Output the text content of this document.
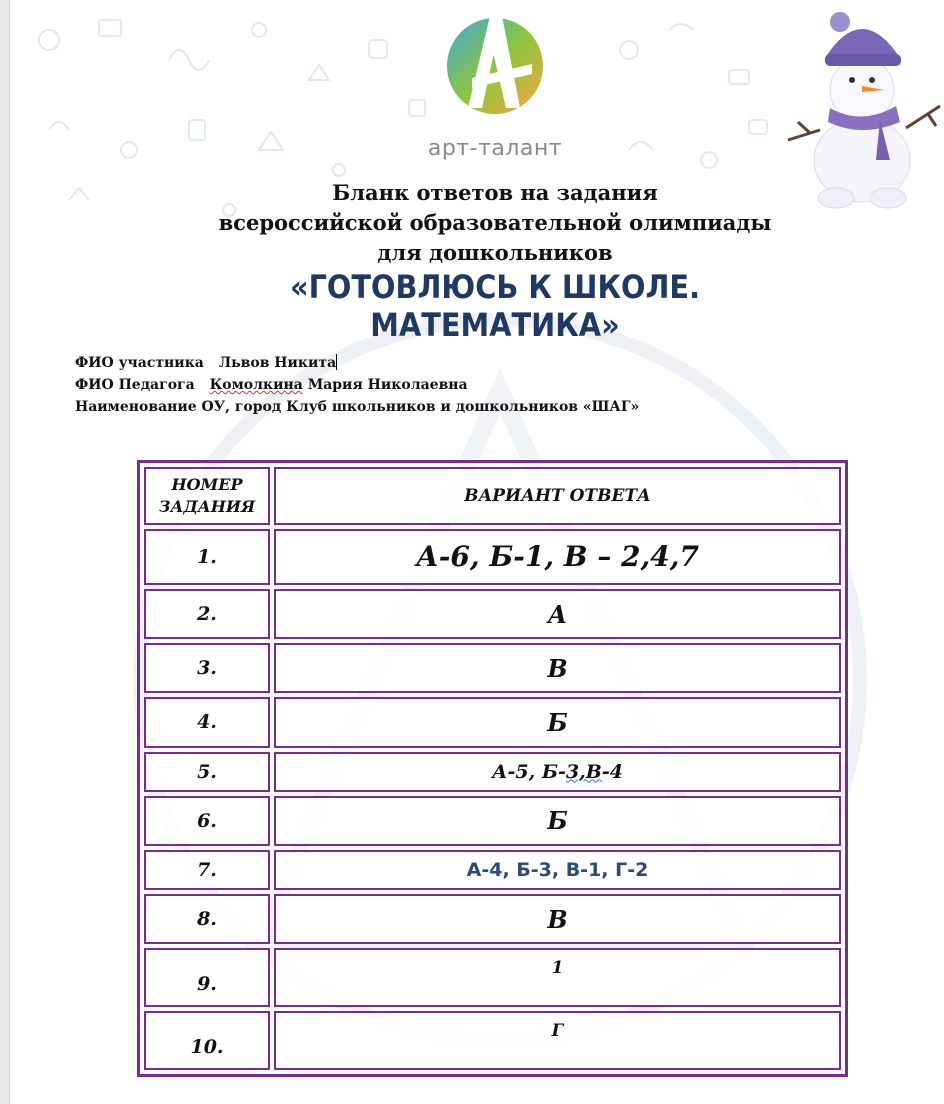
арт-талант
Бланк ответов на задания
всероссийской образовательной олимпиады
для дошкольников
«ГОТОВЛЮСЬ К ШКОЛЕ.
МАТЕМАТИКА»
ФИО участника Львов Никита
ФИО Педагога Комолкина Мария Николаевна
Наименование ОУ, город Клуб школьников и дошкольников «ШАГ»
НОМЕР
ЗАДАНИЯ	ВАРИАНТ ОТВЕТА
1.	А-6, Б-1, В – 2,4,7
2.	А
3.	В
4.	Б
5.	А-5, Б-3,В-4
6.	Б
7.	А-4, Б-3, В-1, Г-2
8.	В
9.	1
10.	Г
